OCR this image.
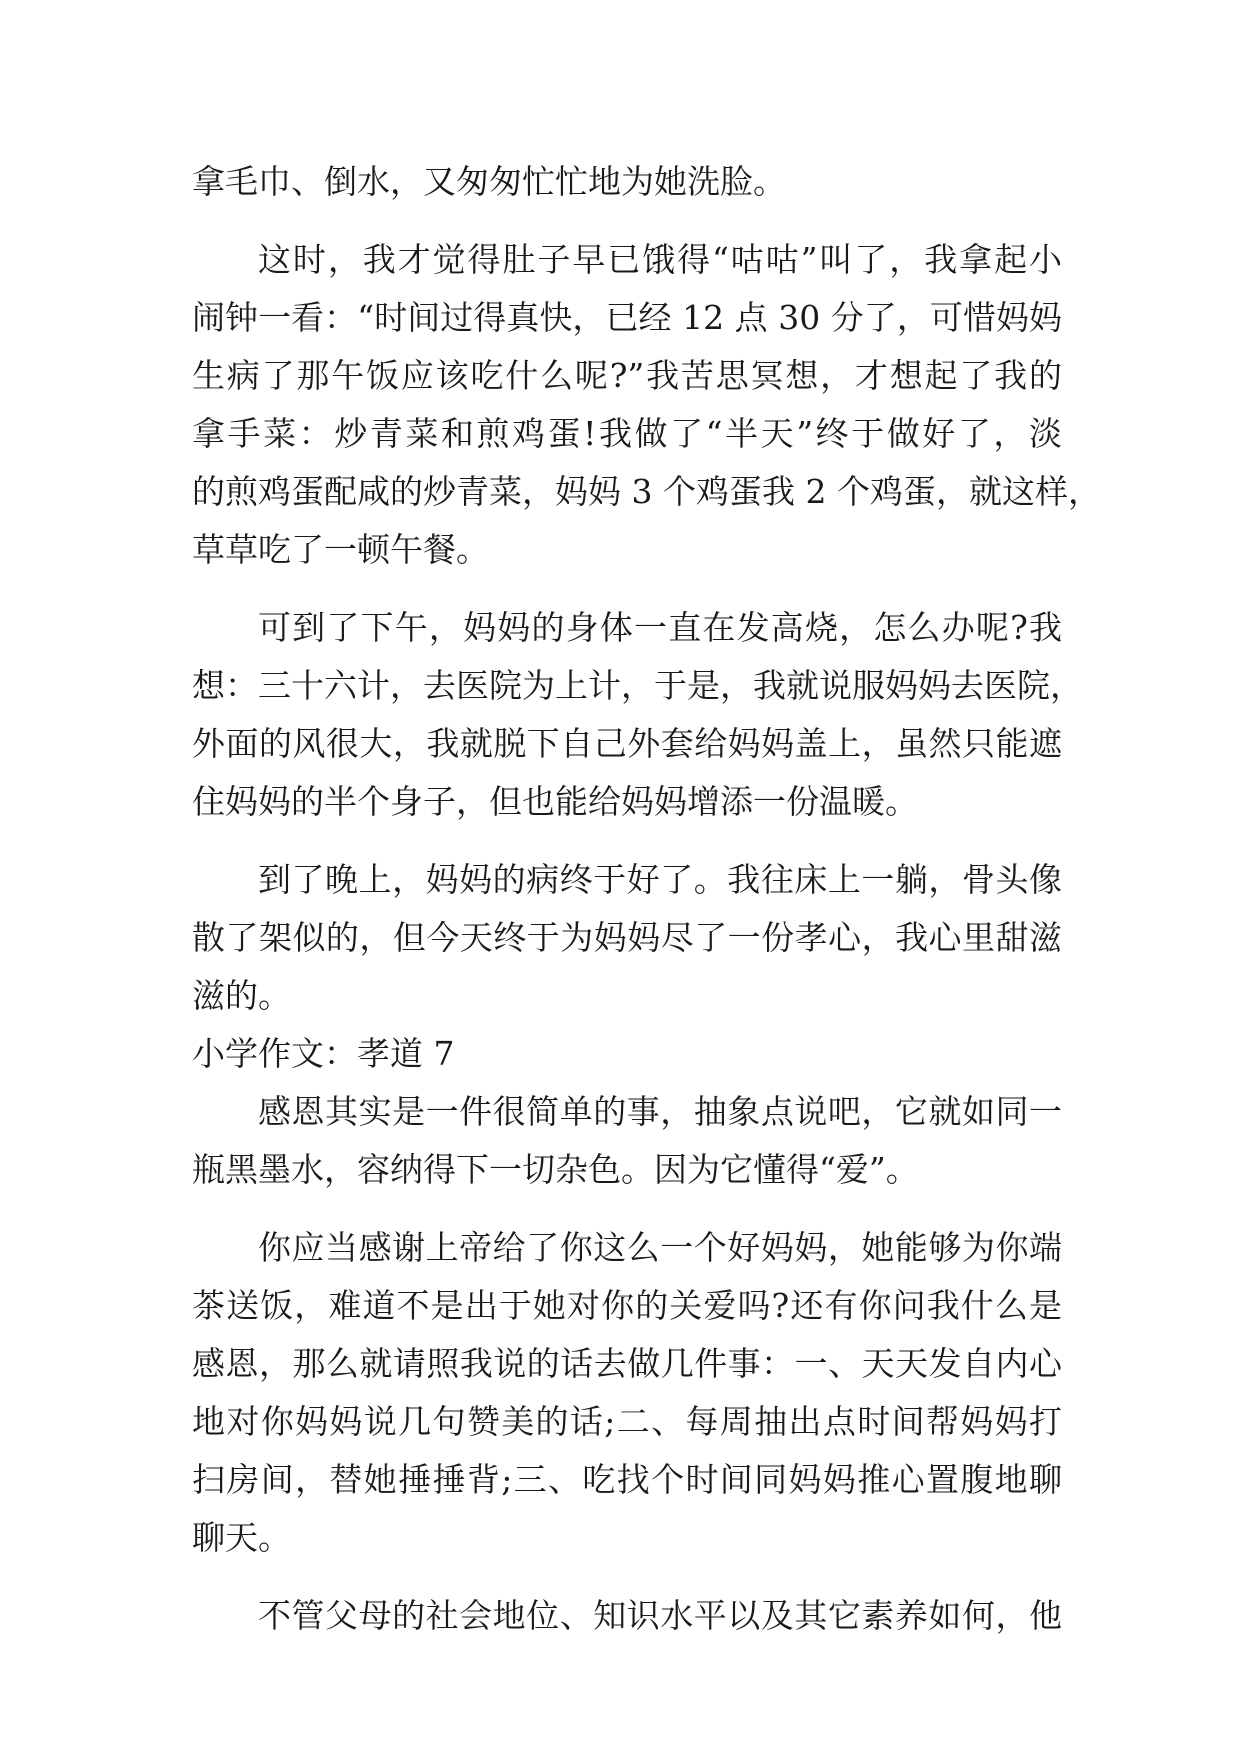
拿毛巾、倒水，又匆匆忙忙地为她洗脸。
这时，我才觉得肚子早已饿得“咕咕”叫了，我拿起小
闹钟一看：“时间过得真快，已经 12 点 30 分了，可惜妈妈
生病了那午饭应该吃什么呢?”我苦思冥想，才想起了我的
拿手菜：炒青菜和煎鸡蛋!我做了“半天”终于做好了，淡
的煎鸡蛋配咸的炒青菜，妈妈 3 个鸡蛋我 2 个鸡蛋，就这样，
草草吃了一顿午餐。
可到了下午，妈妈的身体一直在发高烧，怎么办呢?我
想：三十六计，去医院为上计，于是，我就说服妈妈去医院，
外面的风很大，我就脱下自己外套给妈妈盖上，虽然只能遮
住妈妈的半个身子，但也能给妈妈增添一份温暖。
到了晚上，妈妈的病终于好了。我往床上一躺，骨头像
散了架似的，但今天终于为妈妈尽了一份孝心，我心里甜滋
滋的。
小学作文：孝道 7
感恩其实是一件很简单的事，抽象点说吧，它就如同一
瓶黑墨水，容纳得下一切杂色。因为它懂得“爱”。
你应当感谢上帝给了你这么一个好妈妈，她能够为你端
茶送饭，难道不是出于她对你的关爱吗?还有你问我什么是
感恩，那么就请照我说的话去做几件事：一、天天发自内心
地对你妈妈说几句赞美的话;二、每周抽出点时间帮妈妈打
扫房间，替她捶捶背;三、吃找个时间同妈妈推心置腹地聊
聊天。
不管父母的社会地位、知识水平以及其它素养如何，他
